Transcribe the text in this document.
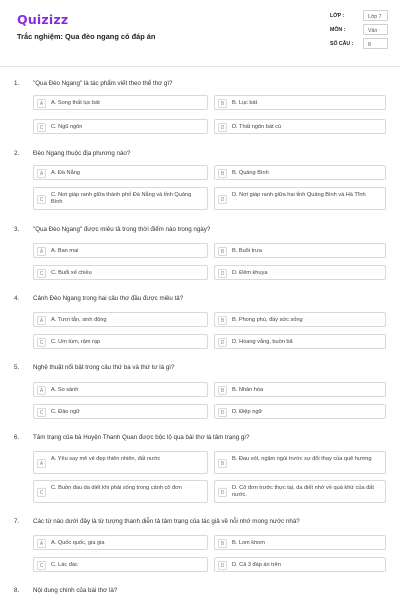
Quizizz
Trắc nghiệm: Qua đèo ngang có đáp án
LỚP :	Lớp 7
MÔN :	Văn
SỐ CÂU :	8
1. "Qua Đèo Ngang" là tác phẩm viết theo thể thơ gì?
A	A. Song thất lục bát	B	B. Lục bát
C	C. Ngũ ngôn	D	D. Thất ngôn bát cú
2. Đèo Ngang thuộc địa phương nào?
A	A. Đà Nẵng	B	B. Quảng Bình
C
C. Nơi giáp ranh giữa thành phố Đà Nẵng và tỉnh Quảng Bình	D
D. Nơi giáp ranh giữa hai tỉnh Quảng Bình và Hà Tĩnh
3. "Qua Đèo Ngang" được miêu tả trong thời điểm nào trong ngày?
A	A. Ban mai	B	B. Buổi trưa
C	C. Buổi xế chiều	D	D. Đêm khuya
4. Cảnh Đèo Ngang trong hai câu thơ đầu được miêu tả?
A	A. Tươi tắn, sinh động	B	B. Phong phú, đầy sức sống
C	C. Um tùm, rậm rạp	D	D. Hoang vắng, buồn bã
5. Nghệ thuật nổi bật trong câu thứ ba và thứ tư là gì?
A	A. So sánh	B	B. Nhân hóa
C	C. Đảo ngữ	D	D. Điệp ngữ
6. Tâm trạng của bà Huyện Thanh Quan được bộc lộ qua bài thơ là tâm trạng gì?
A
A. Yêu say mê vẻ đẹp thiên nhiên, đất nước
B
B. Đau xót, ngậm ngùi trước sự đổi thay của quê hương
C
C. Buồn đau da diết khi phải sống trong cảnh cô đơn
D
D. Cô đơn trước thực tại, da diết nhớ về quá khứ của đất nước.
7. Các từ nào dưới đây là từ tượng thanh diễn tả tâm trạng của tác giả về nỗi nhớ mong nước nhà?
A	A. Quốc quốc, gia gia	B	B. Lom khom
C	C. Lác đác	D	D. Cả 3 đáp án trên
8. Nội dung chính của bài thơ là?
